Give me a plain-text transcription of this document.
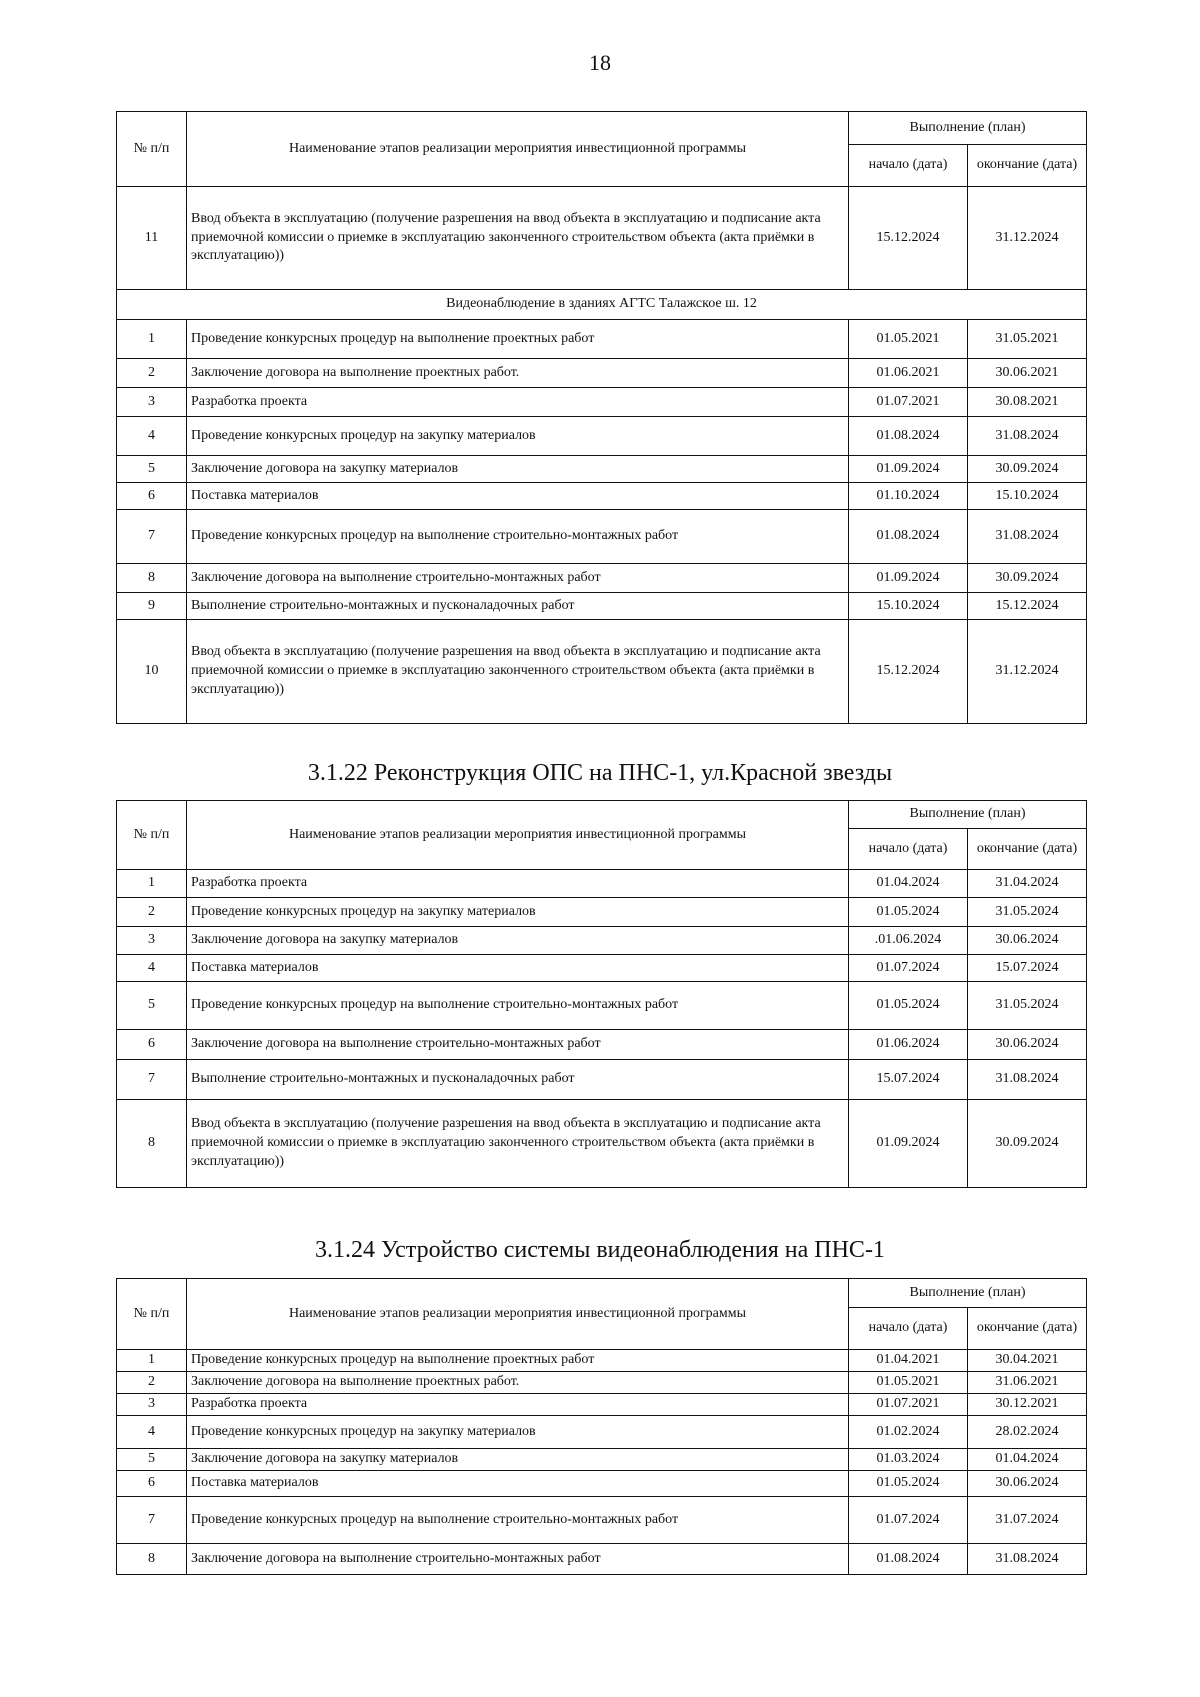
18
№ п/п	Наименование этапов реализации мероприятия инвестиционной программы	Выполнение (план)	
		начало (дата)	окончание (дата)
11	Ввод объекта в эксплуатацию (получение разрешения на ввод объекта в эксплуатацию и подписание акта приемочной комиссии о приемке в эксплуатацию законченного строительством объекта (акта приёмки в эксплуатацию))	15.12.2024	31.12.2024
Видеонаблюдение в зданиях АГТС Талажское ш. 12			
1	Проведение конкурсных процедур на выполнение проектных работ	01.05.2021	31.05.2021
2	Заключение договора на выполнение проектных работ.	01.06.2021	30.06.2021
3	Разработка проекта	01.07.2021	30.08.2021
4	Проведение конкурсных процедур на закупку материалов	01.08.2024	31.08.2024
5	Заключение договора на закупку материалов	01.09.2024	30.09.2024
6	Поставка материалов	01.10.2024	15.10.2024
7	Проведение конкурсных процедур на выполнение строительно-монтажных работ	01.08.2024	31.08.2024
8	Заключение договора на выполнение строительно-монтажных работ	01.09.2024	30.09.2024
9	Выполнение строительно-монтажных и пусконаладочных работ	15.10.2024	15.12.2024
10	Ввод объекта в эксплуатацию (получение разрешения на ввод объекта в эксплуатацию и подписание акта приемочной комиссии о приемке в эксплуатацию законченного строительством объекта (акта приёмки в эксплуатацию))	15.12.2024	31.12.2024
3.1.22 Реконструкция ОПС на ПНС-1, ул.Красной звезды
№ п/п	Наименование этапов реализации мероприятия инвестиционной программы	Выполнение (план)	
		начало (дата)	окончание (дата)
1	Разработка проекта	01.04.2024	31.04.2024
2	Проведение конкурсных процедур на закупку материалов	01.05.2024	31.05.2024
3	Заключение договора на закупку материалов	.01.06.2024	30.06.2024
4	Поставка материалов	01.07.2024	15.07.2024
5	Проведение конкурсных процедур на выполнение строительно-монтажных работ	01.05.2024	31.05.2024
6	Заключение договора на выполнение строительно-монтажных работ	01.06.2024	30.06.2024
7	Выполнение строительно-монтажных и пусконаладочных работ	15.07.2024	31.08.2024
8	Ввод объекта в эксплуатацию (получение разрешения на ввод объекта в эксплуатацию и подписание акта приемочной комиссии о приемке в эксплуатацию законченного строительством объекта (акта приёмки в эксплуатацию))	01.09.2024	30.09.2024
3.1.24 Устройство системы видеонаблюдения на ПНС-1
№ п/п	Наименование этапов реализации мероприятия инвестиционной программы	Выполнение (план)	
		начало (дата)	окончание (дата)
1	Проведение конкурсных процедур на выполнение проектных работ	01.04.2021	30.04.2021
2	Заключение договора на выполнение проектных работ.	01.05.2021	31.06.2021
3	Разработка проекта	01.07.2021	30.12.2021
4	Проведение конкурсных процедур на закупку материалов	01.02.2024	28.02.2024
5	Заключение договора на закупку материалов	01.03.2024	01.04.2024
6	Поставка материалов	01.05.2024	30.06.2024
7	Проведение конкурсных процедур на выполнение строительно-монтажных работ	01.07.2024	31.07.2024
8	Заключение договора на выполнение строительно-монтажных работ	01.08.2024	31.08.2024
